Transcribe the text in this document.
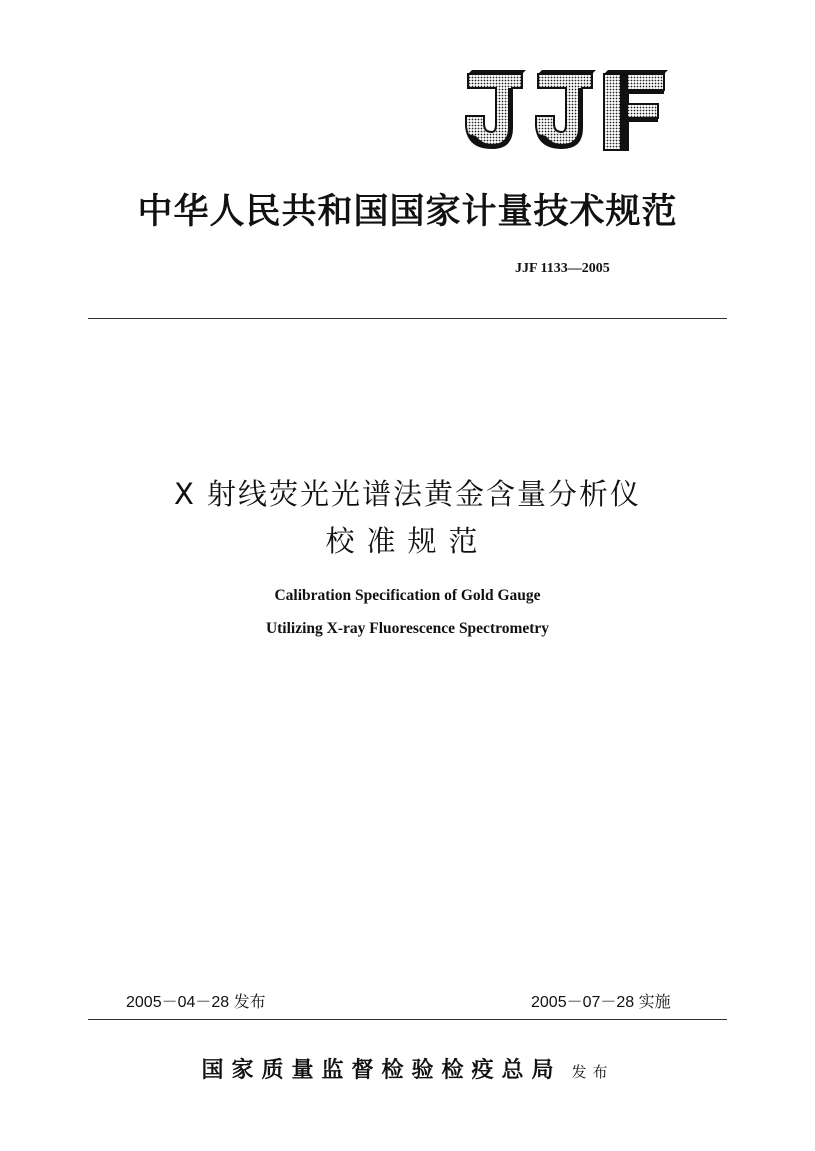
中华人民共和国国家计量技术规范
JJF 1133—2005
X 射线荧光光谱法黄金含量分析仪
校准规范
Calibration Specification of Gold Gauge
Utilizing X-ray Fluorescence Spectrometry
2005－04－28 发布	2005－07－28 实施
国家质量监督检验检疫总局 发布
